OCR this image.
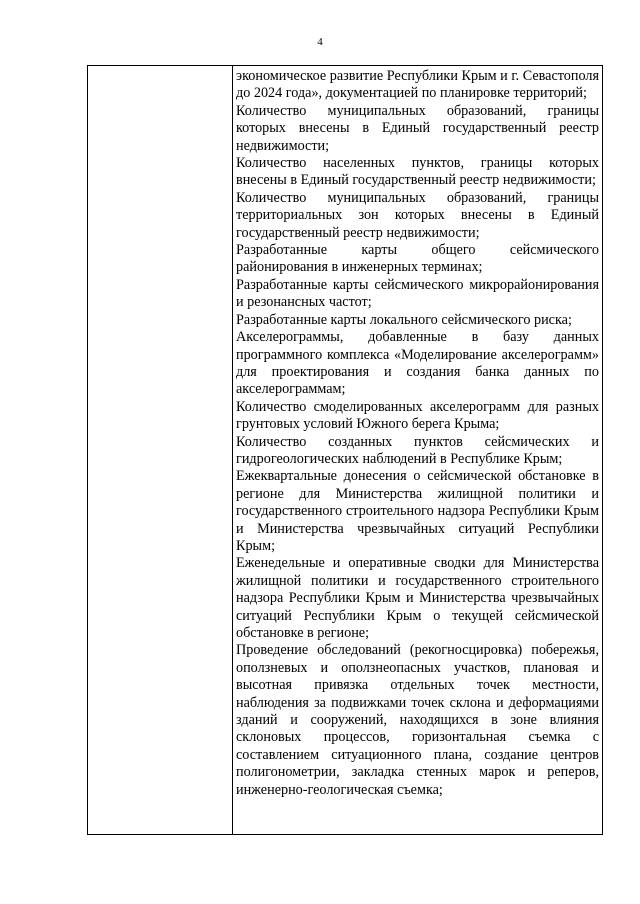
4

экономическое развитие Республики Крым и г. Севастополя до 2024 года», документацией по планировке территорий;

Количество муниципальных образований, границы которых внесены в Единый государственный реестр недвижимости;

Количество населенных пунктов, границы которых внесены в Единый государственный реестр недвижимости;

Количество муниципальных образований, границы территориальных зон которых внесены в Единый государственный реестр недвижимости;

Разработанные карты общего сейсмического районирования в инженерных терминах;

Разработанные карты сейсмического микрорайонирования и резонансных частот;

Разработанные карты локального сейсмического риска;

Акселерограммы, добавленные в базу данных программного комплекса «Моделирование акселерограмм» для проектирования и создания банка данных по акселерограммам;

Количество смоделированных акселерограмм для разных грунтовых условий Южного берега Крыма;

Количество созданных пунктов сейсмических и гидрогеологических наблюдений в Республике Крым;

Ежеквартальные донесения о сейсмической обстановке в регионе для Министерства жилищной политики и государственного строительного надзора Республики Крым и Министерства чрезвычайных ситуаций Республики Крым;

Еженедельные и оперативные сводки для Министерства жилищной политики и государственного строительного надзора Республики Крым и Министерства чрезвычайных ситуаций Республики Крым о текущей сейсмической обстановке в регионе;

Проведение обследований (рекогносцировка) побережья, оползневых и оползнеопасных участков, плановая и высотная привязка отдельных точек местности, наблюдения за подвижками точек склона и деформациями зданий и сооружений, находящихся в зоне влияния склоновых процессов, горизонтальная съемка с составлением ситуационного плана, создание центров полигонометрии, закладка стенных марок и реперов, инженерно-геологическая съемка;
